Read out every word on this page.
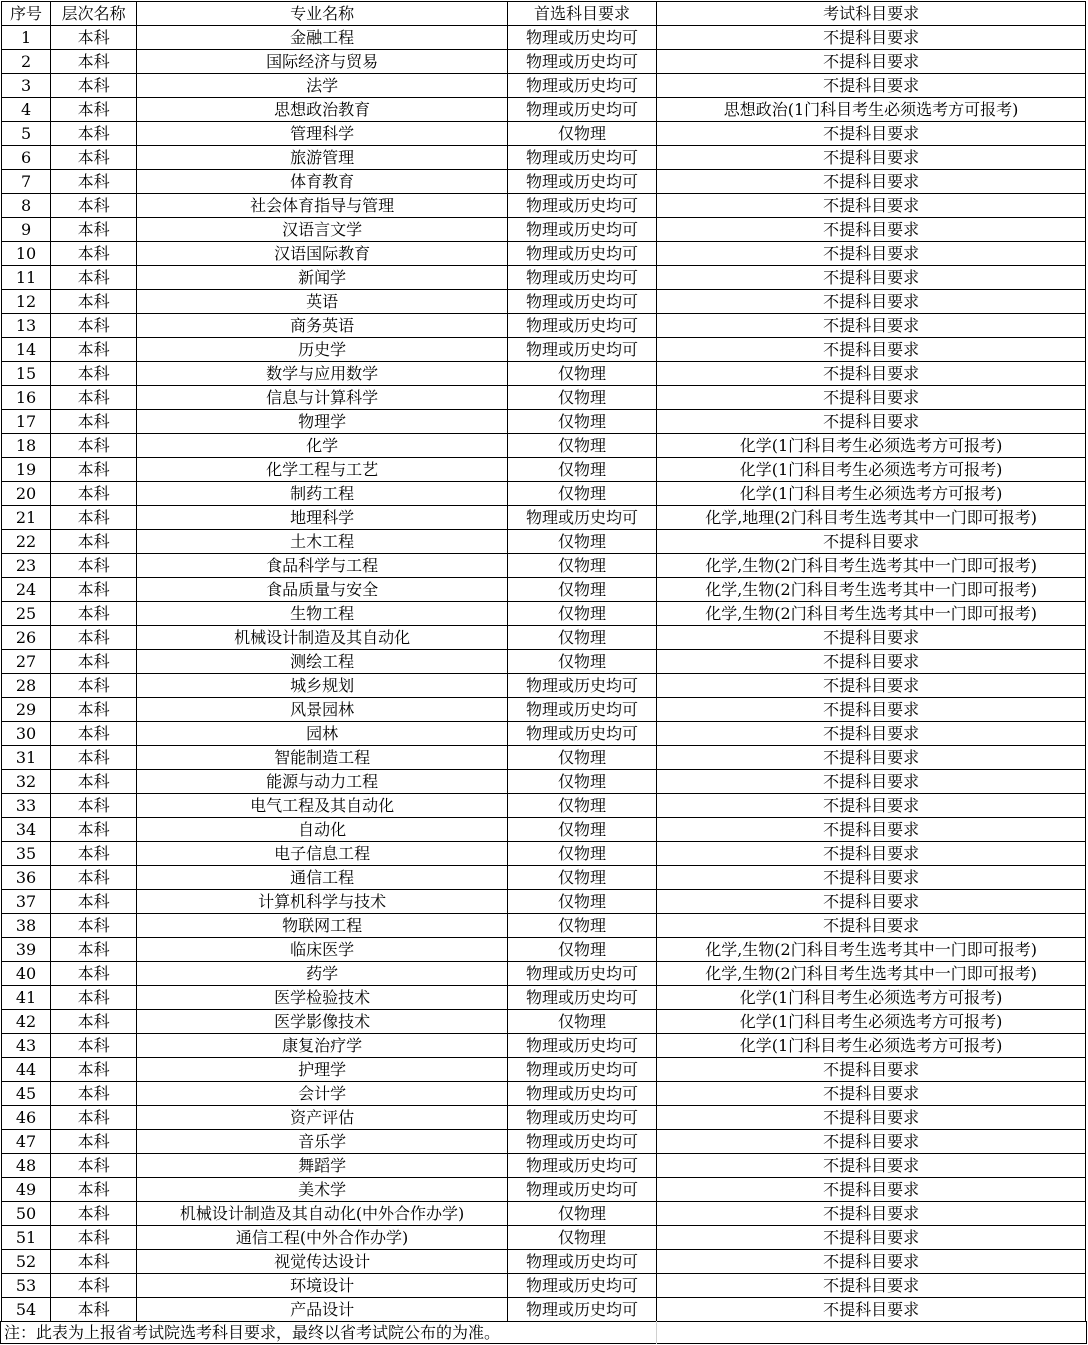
序号	层次名称	专业名称	首选科目要求	考试科目要求
1	本科	金融工程	物理或历史均可	不提科目要求
2	本科	国际经济与贸易	物理或历史均可	不提科目要求
3	本科	法学	物理或历史均可	不提科目要求
4	本科	思想政治教育	物理或历史均可	思想政治(1门科目考生必须选考方可报考)
5	本科	管理科学	仅物理	不提科目要求
6	本科	旅游管理	物理或历史均可	不提科目要求
7	本科	体育教育	物理或历史均可	不提科目要求
8	本科	社会体育指导与管理	物理或历史均可	不提科目要求
9	本科	汉语言文学	物理或历史均可	不提科目要求
10	本科	汉语国际教育	物理或历史均可	不提科目要求
11	本科	新闻学	物理或历史均可	不提科目要求
12	本科	英语	物理或历史均可	不提科目要求
13	本科	商务英语	物理或历史均可	不提科目要求
14	本科	历史学	物理或历史均可	不提科目要求
15	本科	数学与应用数学	仅物理	不提科目要求
16	本科	信息与计算科学	仅物理	不提科目要求
17	本科	物理学	仅物理	不提科目要求
18	本科	化学	仅物理	化学(1门科目考生必须选考方可报考)
19	本科	化学工程与工艺	仅物理	化学(1门科目考生必须选考方可报考)
20	本科	制药工程	仅物理	化学(1门科目考生必须选考方可报考)
21	本科	地理科学	物理或历史均可	化学,地理(2门科目考生选考其中一门即可报考)
22	本科	土木工程	仅物理	不提科目要求
23	本科	食品科学与工程	仅物理	化学,生物(2门科目考生选考其中一门即可报考)
24	本科	食品质量与安全	仅物理	化学,生物(2门科目考生选考其中一门即可报考)
25	本科	生物工程	仅物理	化学,生物(2门科目考生选考其中一门即可报考)
26	本科	机械设计制造及其自动化	仅物理	不提科目要求
27	本科	测绘工程	仅物理	不提科目要求
28	本科	城乡规划	物理或历史均可	不提科目要求
29	本科	风景园林	物理或历史均可	不提科目要求
30	本科	园林	物理或历史均可	不提科目要求
31	本科	智能制造工程	仅物理	不提科目要求
32	本科	能源与动力工程	仅物理	不提科目要求
33	本科	电气工程及其自动化	仅物理	不提科目要求
34	本科	自动化	仅物理	不提科目要求
35	本科	电子信息工程	仅物理	不提科目要求
36	本科	通信工程	仅物理	不提科目要求
37	本科	计算机科学与技术	仅物理	不提科目要求
38	本科	物联网工程	仅物理	不提科目要求
39	本科	临床医学	仅物理	化学,生物(2门科目考生选考其中一门即可报考)
40	本科	药学	物理或历史均可	化学,生物(2门科目考生选考其中一门即可报考)
41	本科	医学检验技术	物理或历史均可	化学(1门科目考生必须选考方可报考)
42	本科	医学影像技术	仅物理	化学(1门科目考生必须选考方可报考)
43	本科	康复治疗学	物理或历史均可	化学(1门科目考生必须选考方可报考)
44	本科	护理学	物理或历史均可	不提科目要求
45	本科	会计学	物理或历史均可	不提科目要求
46	本科	资产评估	物理或历史均可	不提科目要求
47	本科	音乐学	物理或历史均可	不提科目要求
48	本科	舞蹈学	物理或历史均可	不提科目要求
49	本科	美术学	物理或历史均可	不提科目要求
50	本科	机械设计制造及其自动化(中外合作办学)	仅物理	不提科目要求
51	本科	通信工程(中外合作办学)	仅物理	不提科目要求
52	本科	视觉传达设计	物理或历史均可	不提科目要求
53	本科	环境设计	物理或历史均可	不提科目要求
54	本科	产品设计	物理或历史均可	不提科目要求
注：此表为上报省考试院选考科目要求，最终以省考试院公布的为准。
